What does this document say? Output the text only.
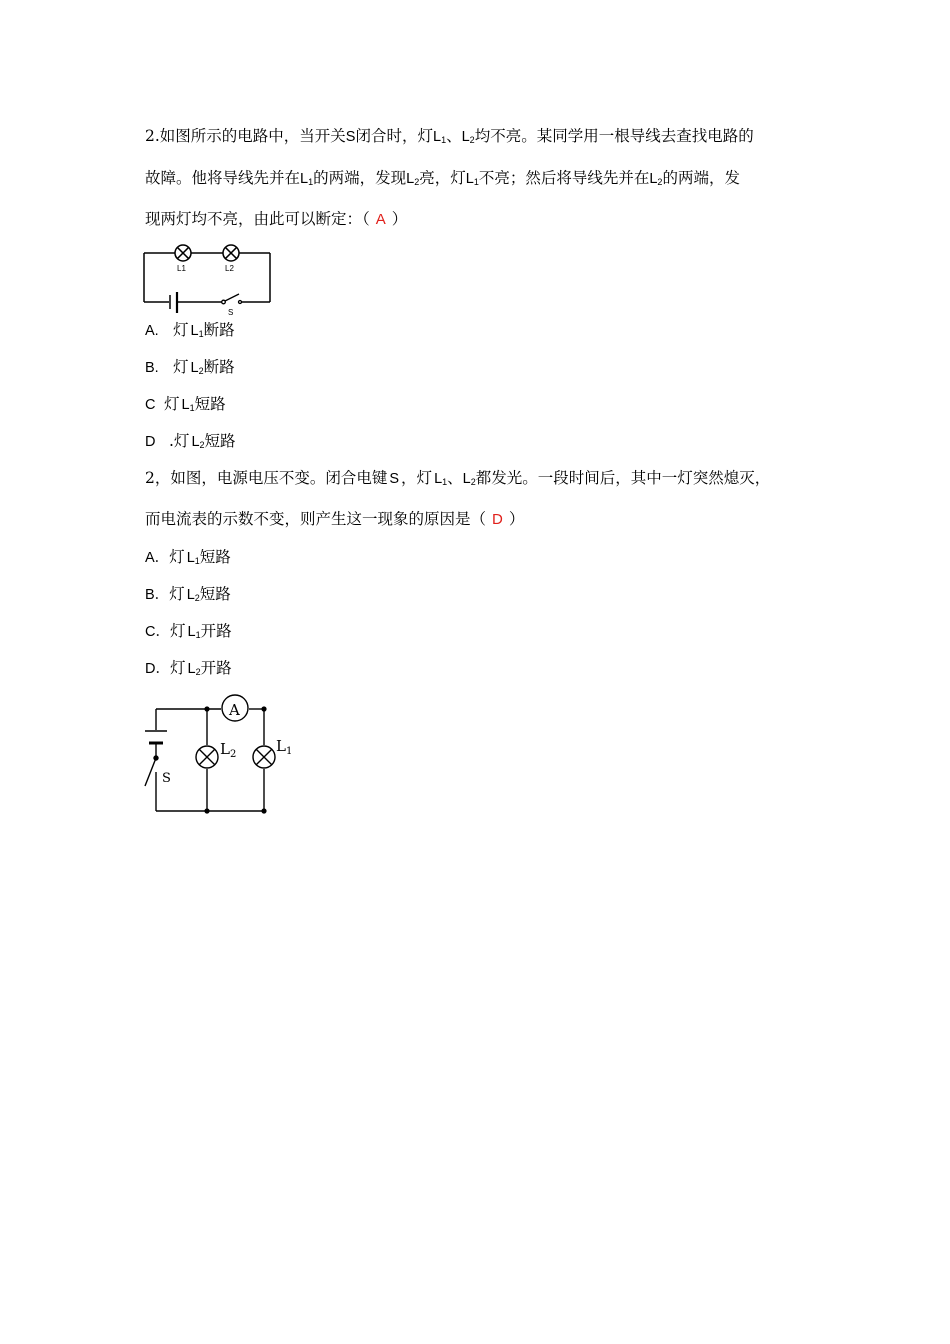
2.如图所示的电路中，当开关S闭合时，灯$L_1$、$L_2$均不亮。某同学用一根导线去查找电路的
故障。他将导线先并在$L_1$的两端，发现$L_2$亮，灯$L_1$不亮；然后将导线先并在$L_2$的两端，发
现两灯均不亮，由此可以断定：（ A ）
L1	L2
S
A. 灯 $L_1$断路
B. 灯 $L_2$断路
C 灯 $L_1$短路
D .灯 $L_2$短路
2，如图，电源电压不变。闭合电键 S ，灯 $L_1$、$L_2$都发光。一段时间后，其中一灯突然熄灭，
而电流表的示数不变，则产生这一现象的原因是（ D ）
A．灯 $L_1$短路
B．灯 $L_2$短路
C．灯 $L_1$开路
D．灯 $L_2$开路
S
A
$L_2$	$L_1$
